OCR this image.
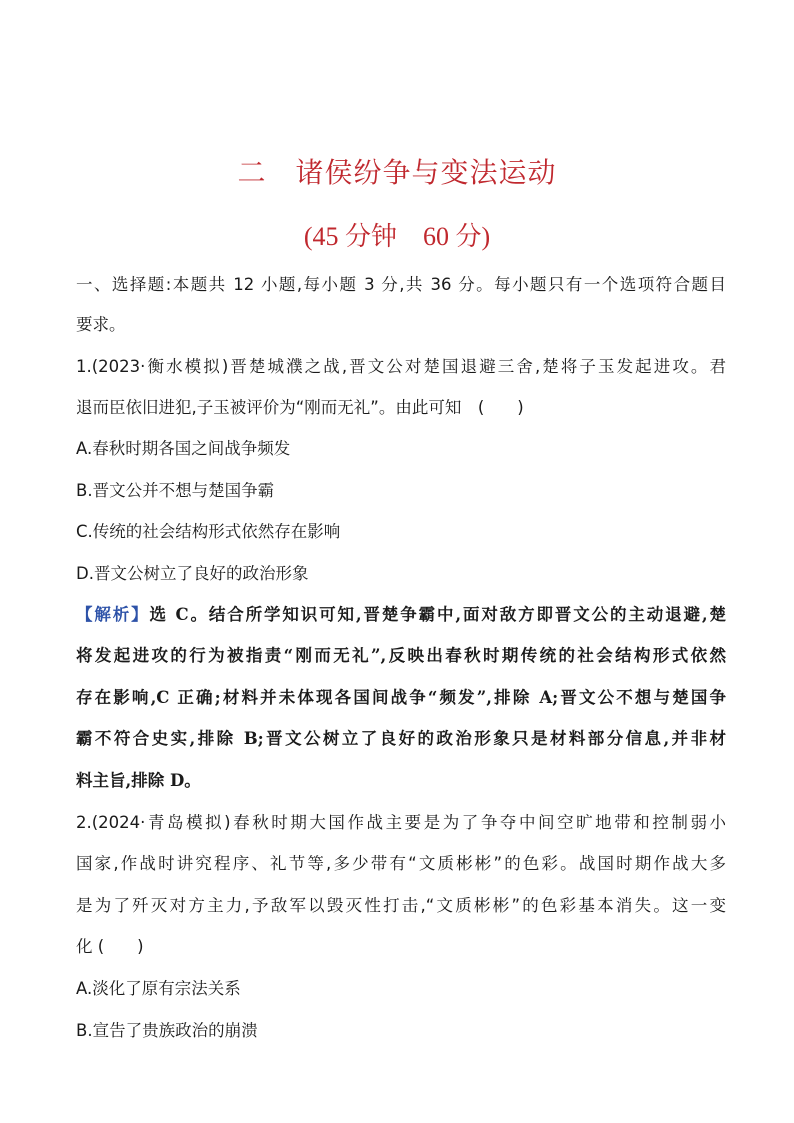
二　诸侯纷争与变法运动
(45 分钟　60 分)
一、选择题:本题共 12 小题,每小题 3 分,共 36 分。每小题只有一个选项符合题目
要求。
1.(2023·衡水模拟)晋楚城濮之战,晋文公对楚国退避三舍,楚将子玉发起进攻。君
退而臣依旧进犯,子玉被评价为“刚而无礼”。由此可知　(　　)
A.春秋时期各国之间战争频发
B.晋文公并不想与楚国争霸
C.传统的社会结构形式依然存在影响
D.晋文公树立了良好的政治形象
【解析】选 C。结合所学知识可知,晋楚争霸中,面对敌方即晋文公的主动退避,楚
将发起进攻的行为被指责“刚而无礼”,反映出春秋时期传统的社会结构形式依然
存在影响,C 正确;材料并未体现各国间战争“频发”,排除 A;晋文公不想与楚国争
霸不符合史实,排除 B;晋文公树立了良好的政治形象只是材料部分信息,并非材
料主旨,排除 D。
2.(2024·青岛模拟)春秋时期大国作战主要是为了争夺中间空旷地带和控制弱小
国家,作战时讲究程序、礼节等,多少带有“文质彬彬”的色彩。战国时期作战大多
是为了歼灭对方主力,予敌军以毁灭性打击,“文质彬彬”的色彩基本消失。这一变
化 (　　)
A.淡化了原有宗法关系
B.宣告了贵族政治的崩溃
